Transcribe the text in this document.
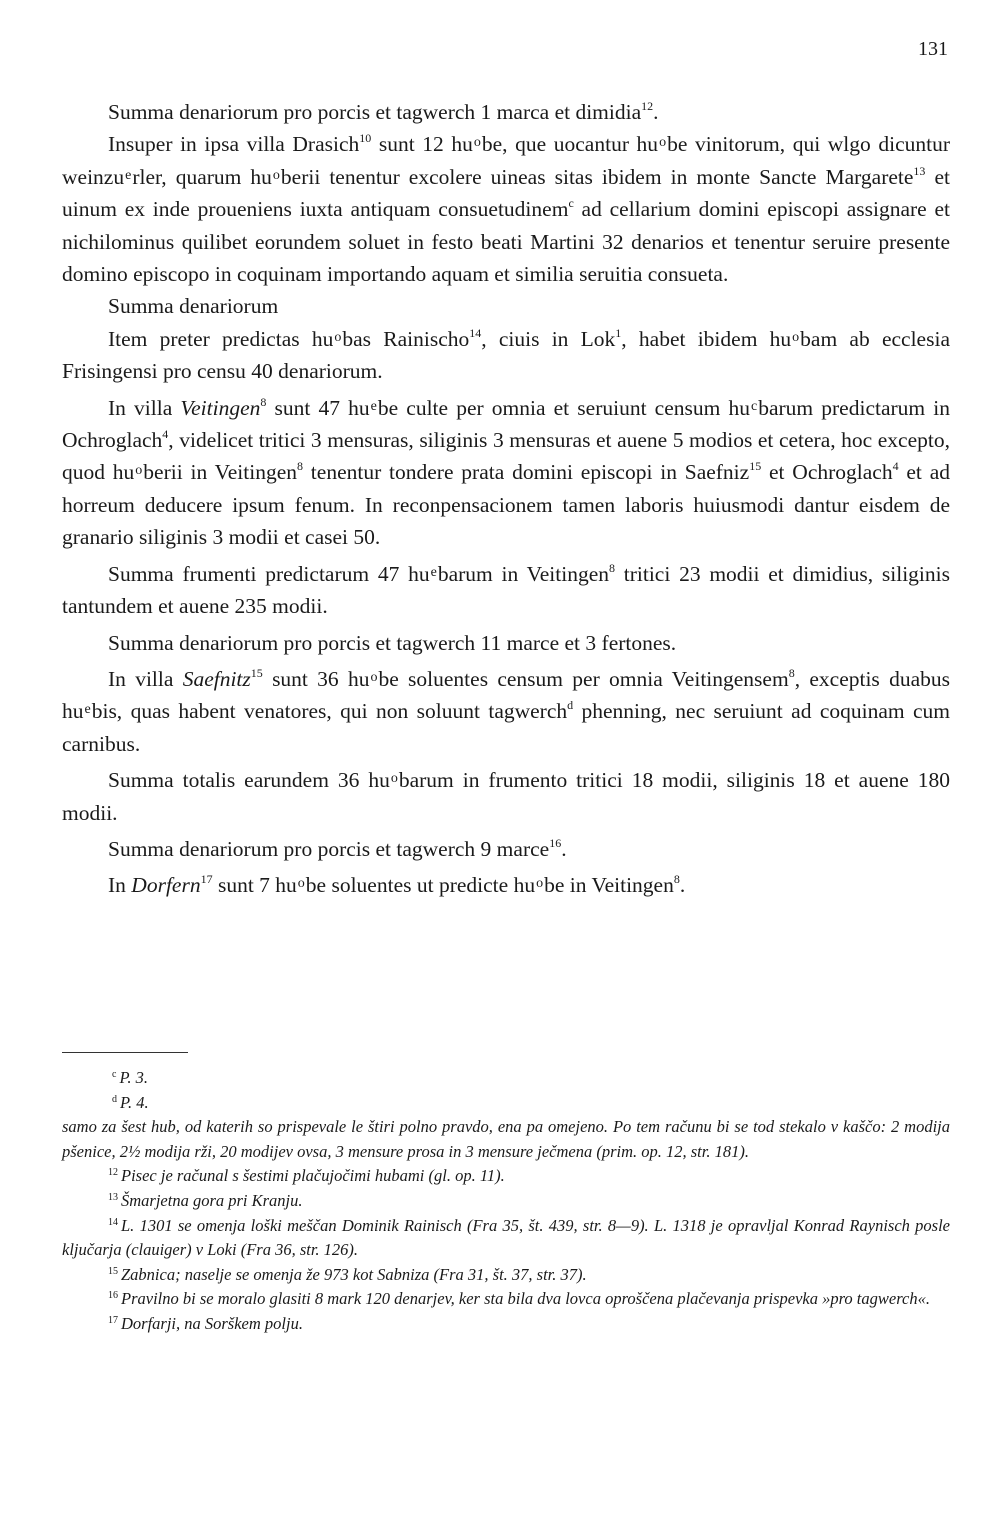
131

Summa denariorum pro porcis et tagwerch 1 marca et dimidia$^{12}$.

Insuper in ipsa villa Drasich$^{10}$ sunt 12 $hu^obe$, que uocantur $hu^obe$ vinitorum, qui wlgo dicuntur weinzu$^e$rler, quarum $hu^oberii$ tenentur excolere uineas sitas ibidem in monte Sancte Margarete$^{13}$ et uinum ex inde proueniens iuxta antiquam consuetudinem$^c$ ad cellarium domini episcopi assignare et nichilominus quilibet eorundem soluet in festo beati Martini 32 denarios et tenentur seruire presente domino episcopo in coquinam importando aquam et similia seruitia consueta.

Summa denariorum

Item preter predictas $hu^obas$ Rainischo$^{14}$, ciuis in Lok$^1$, habet ibidem $hu^obam$ ab ecclesia Frisingensi pro censu 40 denariorum.

In villa Veitingen$^8$ sunt 47 $hu^ebe$ culte per omnia et seruiunt censum $hu^cbarum$ predictarum in Ochroglach$^4$, videlicet tritici 3 mensuras, siliginis 3 mensuras et auene 5 modios et cetera, hoc excepto, quod $hu^oberii$ in Veitingen$^8$ tenentur tondere prata domini episcopi in Saefniz$^{15}$ et Ochroglach$^4$ et ad horreum deducere ipsum fenum. In reconpensacionem tamen laboris huiusmodi dantur eisdem de granario siliginis 3 modii et casei 50.

Summa frumenti predictarum 47 $hu^ebarum$ in Veitingen$^8$ tritici 23 modii et dimidius, siliginis tantundem et auene 235 modii.

Summa denariorum pro porcis et tagwerch 11 marce et 3 fertones.

In villa Saefnitz$^{15}$ sunt 36 $hu^obe$ soluentes censum per omnia Veitingensem$^8$, exceptis duabus $hu^ebis$, quas habent venatores, qui non soluunt tagwerch$^d$ phenning, nec seruiunt ad coquinam cum carnibus.

Summa totalis earundem 36 $hu^obarum$ in frumento tritici 18 modii, siliginis 18 et auene 180 modii.

Summa denariorum pro porcis et tagwerch 9 marce$^{16}$.

In Dorfern$^{17}$ sunt 7 $hu^obe$ soluentes ut predicte $hu^obe$ in Veitingen$^8$.

$^c$ P. 3.

$^d$ P. 4.

samo za šest hub, od katerih so prispevale le štiri polno pravdo, ena pa omejeno. Po tem računu bi se tod stekalo v kaščo: 2 modija pšenice, 2½ modija rži, 20 modijev ovsa, 3 mensure prosa in 3 mensure ječmena (prim. op. 12, str. 181).

$^{12}$ Pisec je računal s šestimi plačujočimi hubami (gl. op. 11).

$^{13}$ Šmarjetna gora pri Kranju.

$^{14}$ L. 1301 se omenja loški meščan Dominik Rainisch (Fra 35, št. 439, str. 8—9). L. 1318 je opravljal Konrad Raynisch posle ključarja (clauiger) v Loki (Fra 36, str. 126).

$^{15}$ Zabnica; naselje se omenja že 973 kot Sabniza (Fra 31, št. 37, str. 37).

$^{16}$ Pravilno bi se moralo glasiti 8 mark 120 denarjev, ker sta bila dva lovca oproščena plačevanja prispevka »pro tagwerch«.

$^{17}$ Dorfarji, na Sorškem polju.
